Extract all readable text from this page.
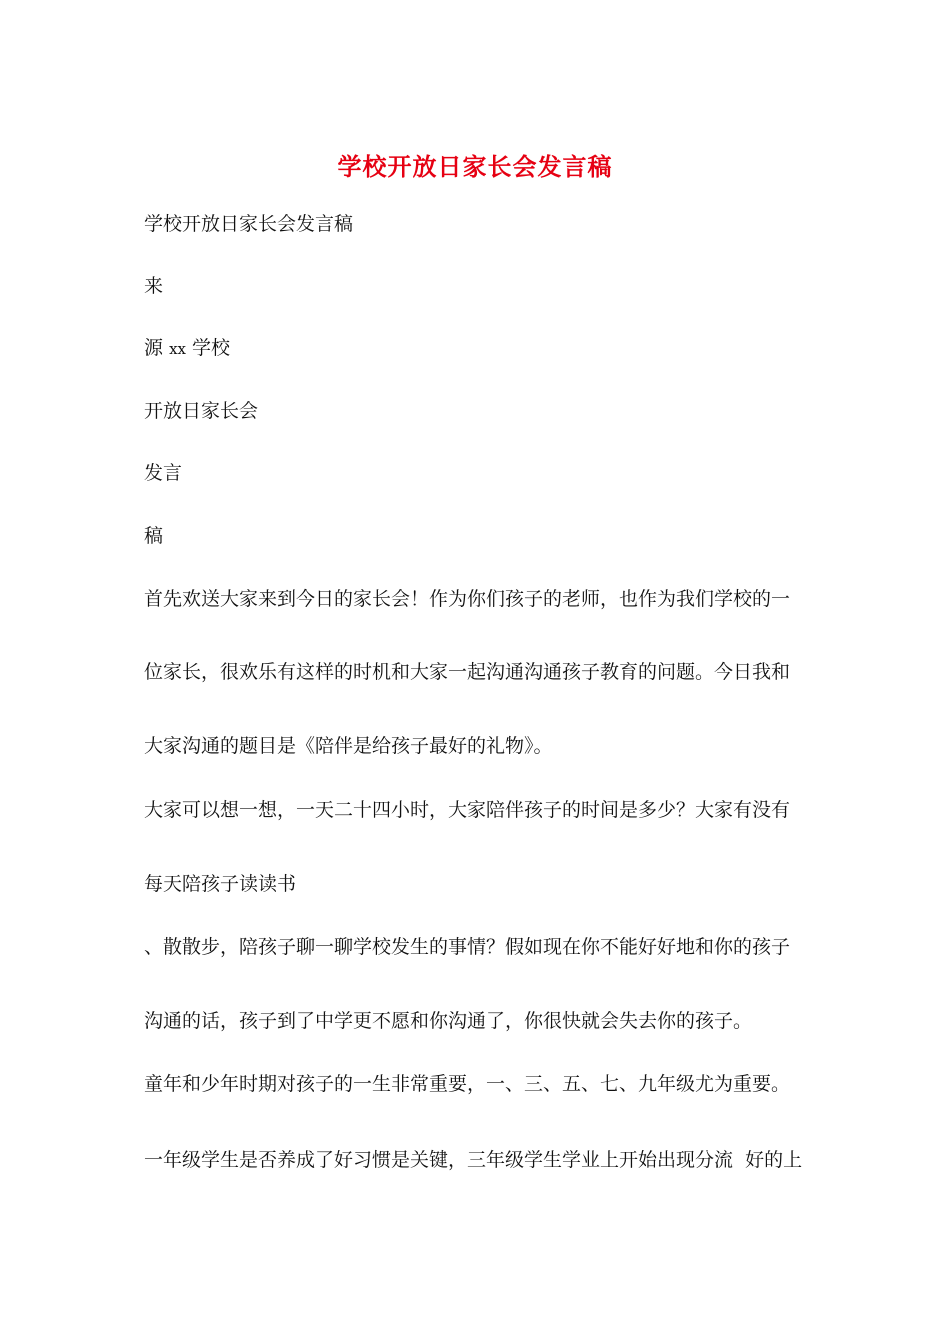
学校开放日家长会发言稿
学校开放日家长会发言稿
来
源 xx 学校
开放日家长会
发言
稿
首先欢送大家来到今日的家长会！作为你们孩子的老师，也作为我们学校的一
位家长，很欢乐有这样的时机和大家一起沟通沟通孩子教育的问题。今日我和
大家沟通的题目是《陪伴是给孩子最好的礼物》。
大家可以想一想，一天二十四小时，大家陪伴孩子的时间是多少？大家有没有
每天陪孩子读读书
、散散步，陪孩子聊一聊学校发生的事情？假如现在你不能好好地和你的孩子
沟通的话，孩子到了中学更不愿和你沟通了，你很快就会失去你的孩子。
童年和少年时期对孩子的一生非常重要，一、三、五、七、九年级尤为重要。
一年级学生是否养成了好习惯是关键，三年级学生学业上开始出现分流  好的上
